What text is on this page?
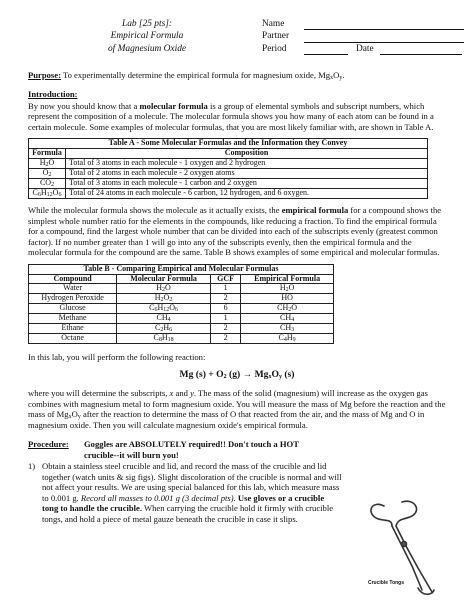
Lab [25 pts]:
Empirical Formula
of Magnesium Oxide
Name
Partner
Period	Date

Purpose: To experimentally determine the empirical formula for magnesium oxide, $Mg_xO_y$.

Introduction:

By now you should know that a molecular formula is a group of elemental symbols and subscript numbers, which represent the composition of a molecule. The molecular formula shows you how many of each atom can be found in a certain molecule. Some examples of molecular formulas, that you are most likely familiar with, are shown in Table A.

Table A - Some Molecular Formulas and the Information they Convey	
Formula	Composition
$H_2O$	Total of 3 atoms in each molecule - 1 oxygen and 2 hydrogen
$O_2$	Total of 2 atoms in each molecule - 2 oxygen atoms
$CO_2$	Total of 3 atoms in each molecule - 1 carbon and 2 oxygen
$C_6H_{12}O_6$	Total of 24 atoms in each molecule - 6 carbon, 12 hydrogen, and 6 oxygen.

While the molecular formula shows the molecule as it actually exists, the empirical formula for a compound shows the simplest whole number ratio for the elements in the compounds, like reducing a fraction. To find the empirical formula for a compound, find the largest whole number that can be divided into each of the subscripts evenly (greatest common factor). If no number greater than 1 will go into any of the subscripts evenly, then the empirical formula and the molecular formula for the compound are the same. Table B shows examples of some empirical and molecular formulas.

Table B - Comparing Empirical and Molecular Formulas			
Compound	Molecular Formula	GCF	Empirical Formula
Water	$H_2O$	1	$H_2O$
Hydrogen Peroxide	$H_2O_2$	2	HO
Glucose	$C_6H_{12}O_6$	6	$CH_2O$
Methane	$CH_4$	1	$CH_4$
Ethane	$C_2H_6$	2	$CH_3$
Octane	$C_8H_{18}$	2	$C_4H_9$

In this lab, you will perform the following reaction:

Mg $(s) + O_2$ $(g) \to Mg_xO_y$ (s)

where you will determine the subscripts, x and y. The mass of the solid (magnesium) will increase as the oxygen gas combines with magnesium metal to form magnesium oxide. You will measure the mass of Mg before the reaction and the mass of $Mg_xO_y$ after the reaction to determine the mass of O that reacted from the air, and the mass of Mg and O in magnesium oxide. Then you will calculate magnesium oxide's empirical formula.

Procedure:	Goggles are ABSOLUTELY required!! Don't touch a HOT crucible--it will burn you!
1) Obtain a stainless steel crucible and lid, and record the mass of the crucible and lid together (watch units & sig figs). Slight discoloration of the crucible is normal and will not affect your results. We are using special balanced for this lab, which measure mass to 0.001 g. Record all masses to 0.001 g (3 decimal pts). Use gloves or a crucible tong to handle the crucible. When carrying the crucible hold it firmly with crucible tongs, and hold a piece of metal gauze beneath the crucible in case it slips.
Crucible Tongs
